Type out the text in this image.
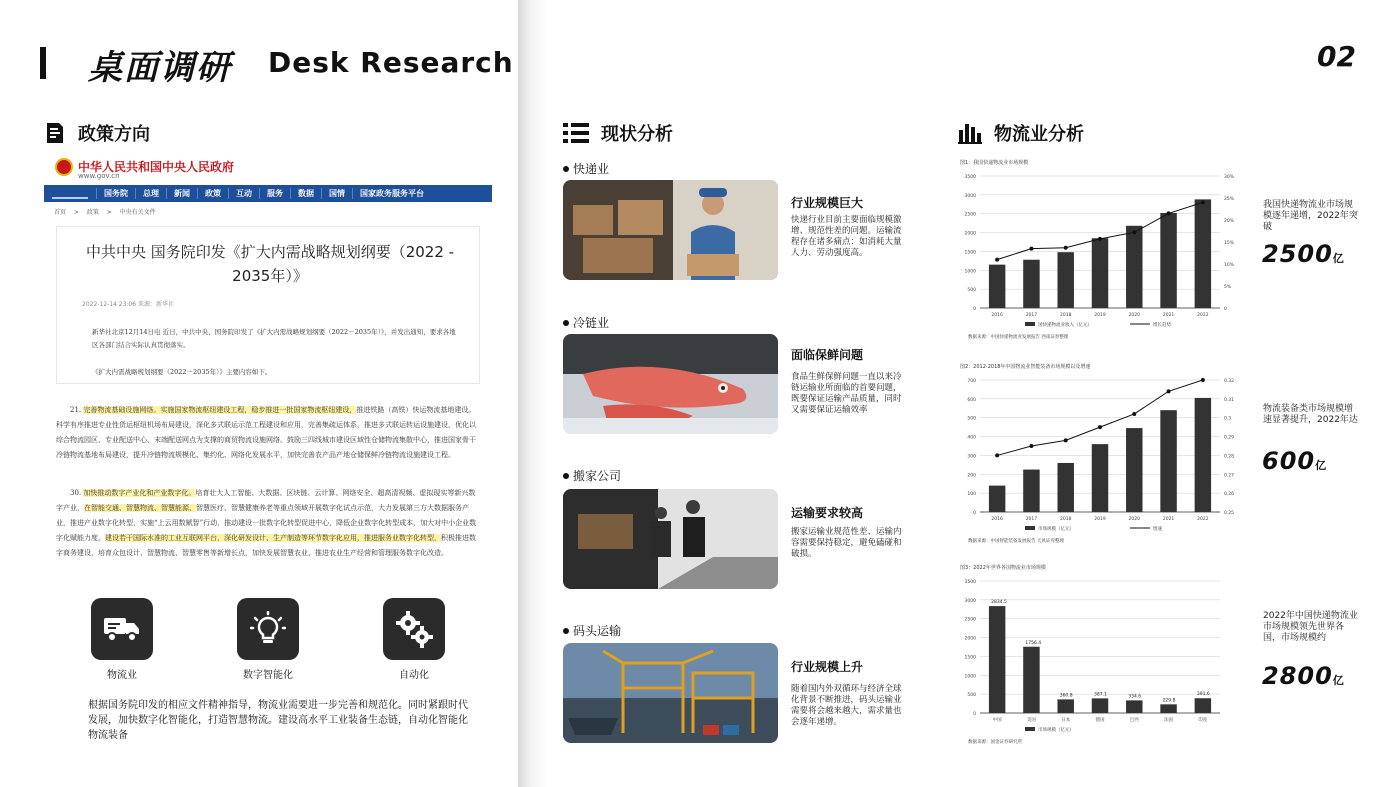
桌面调研 Desk Research	02
政策方向
中华人民共和国中央人民政府
www.gov.cn
国务院	总理	新闻	政策	互动	服务	数据	国情	国家政务服务平台
首页 > 政策 > 中央有关文件
中共中央 国务院印发《扩大内需战略规划纲要（2022 - 2035年）》
2022-12-14 23:06 来源：新华社
新华社北京12月14日电 近日，中共中央、国务院印发了《扩大内需战略规划纲要（2022－2035年）》，并发出通知，要求各地区各部门结合实际认真贯彻落实。
《扩大内需战略规划纲要（2022－2035年）》主要内容如下。
21. 完善物流基础设施网络。实施国家物流枢纽建设工程，稳步推进一批国家物流枢纽建设，推进铁路（高铁）快运物流基地建设。科学有序推进专业性货运枢纽机场布局建设，深化多式联运示范工程建设和应用，完善集疏运体系，推进多式联运转运设施建设，优化以综合物流园区、专业配送中心、末端配送网点为支撑的商贸物流设施网络。鼓励三四线城市建设区域性仓储物流集散中心，推进国家骨干冷链物流基地布局建设，提升冷链物流规模化、集约化、网络化发展水平，加快完善农产品产地仓储保鲜冷链物流设施建设工程。
30. 加快推动数字产业化和产业数字化。培育壮大人工智能、大数据、区块链、云计算、网络安全、超高清视频、虚拟现实等新兴数字产业，在智能交通、智慧物流、智慧能源、智慧医疗、智慧健康养老等重点领域开展数字化试点示范，大力发展第三方大数据服务产业，推进产业数字化转型，实施“上云用数赋智”行动，推动建设一批数字化转型促进中心，降低企业数字化转型成本，加大对中小企业数字化赋能力度。建设若干国际水准的工业互联网平台，深化研发设计、生产制造等环节数字化应用，推进服务业数字化转型，积极推进数字商务建设，培育众包设计、智慧物流、智慧零售等新增长点，加快发展智慧农业，推进农业生产经营和管理服务数字化改造。
物流业	数字智能化	自动化
根据国务院印发的相应文件精神指导，物流业需要进一步完善和规范化。同时紧跟时代发展，加快数字化智能化，打造智慧物流。建设高水平工业装备生态链，自动化智能化物流装备
现状分析
快递业
行业规模巨大
快递行业目前主要面临规模激增、规范性差的问题。运输流程存在诸多痛点：如消耗大量人力、劳动强度高。
冷链业
面临保鲜问题
食品生鲜保鲜问题一直以来冷链运输业所面临的首要问题，既要保证运输产品质量，同时又需要保证运输效率
搬家公司
运输要求较高
搬家运输业规范性差、运输内容需要保持稳定，避免磕碰和破损。
码头运输
行业规模上升
随着国内外双循环与经济全球化背景不断推进，码头运输业需要将会越来越大，需求量也会逐年递增。
物流业分析
图1：我国快递物流业市场规模
0
500
1000
1500
2000
2500
3000
3500
0
5%
10%
15%
20%
25%
30%
2016	2017	2018	2019	2020	2021	2022
国快递物流业收入（亿元）	增长趋势
数据来源：中国快递物流业发展报告 西南证券整理
图2：2012-2018年中国物流业智能装备市场规模以及增速
0
100
200
300
400
500
600
700
0.25
0.26
0.27
0.28
0.29
0.3
0.31
0.32
2016	2017	2018	2019	2020	2021	2022
市场规模（亿元）	增速
数据来源：中国智能装备发展报告 天风证券整理
图3：2022年世界各国物流业市场规模
0
500
1000
1500
2000
2500
3000
3500
中国
2834.5
美国
1756.4
日本
360.8
德国
387.1
巴西
334.6
法国
229.8
印度
391.6
市场规模（亿元）
数据来源：国金证券研究所
我国快递物流业市场规模逐年递增，2022年突破
2500亿
物流装备类市场规模增速显著提升，2022年达
600亿
2022年中国快递物流业市场规模领先世界各国，市场规模约
2800亿
